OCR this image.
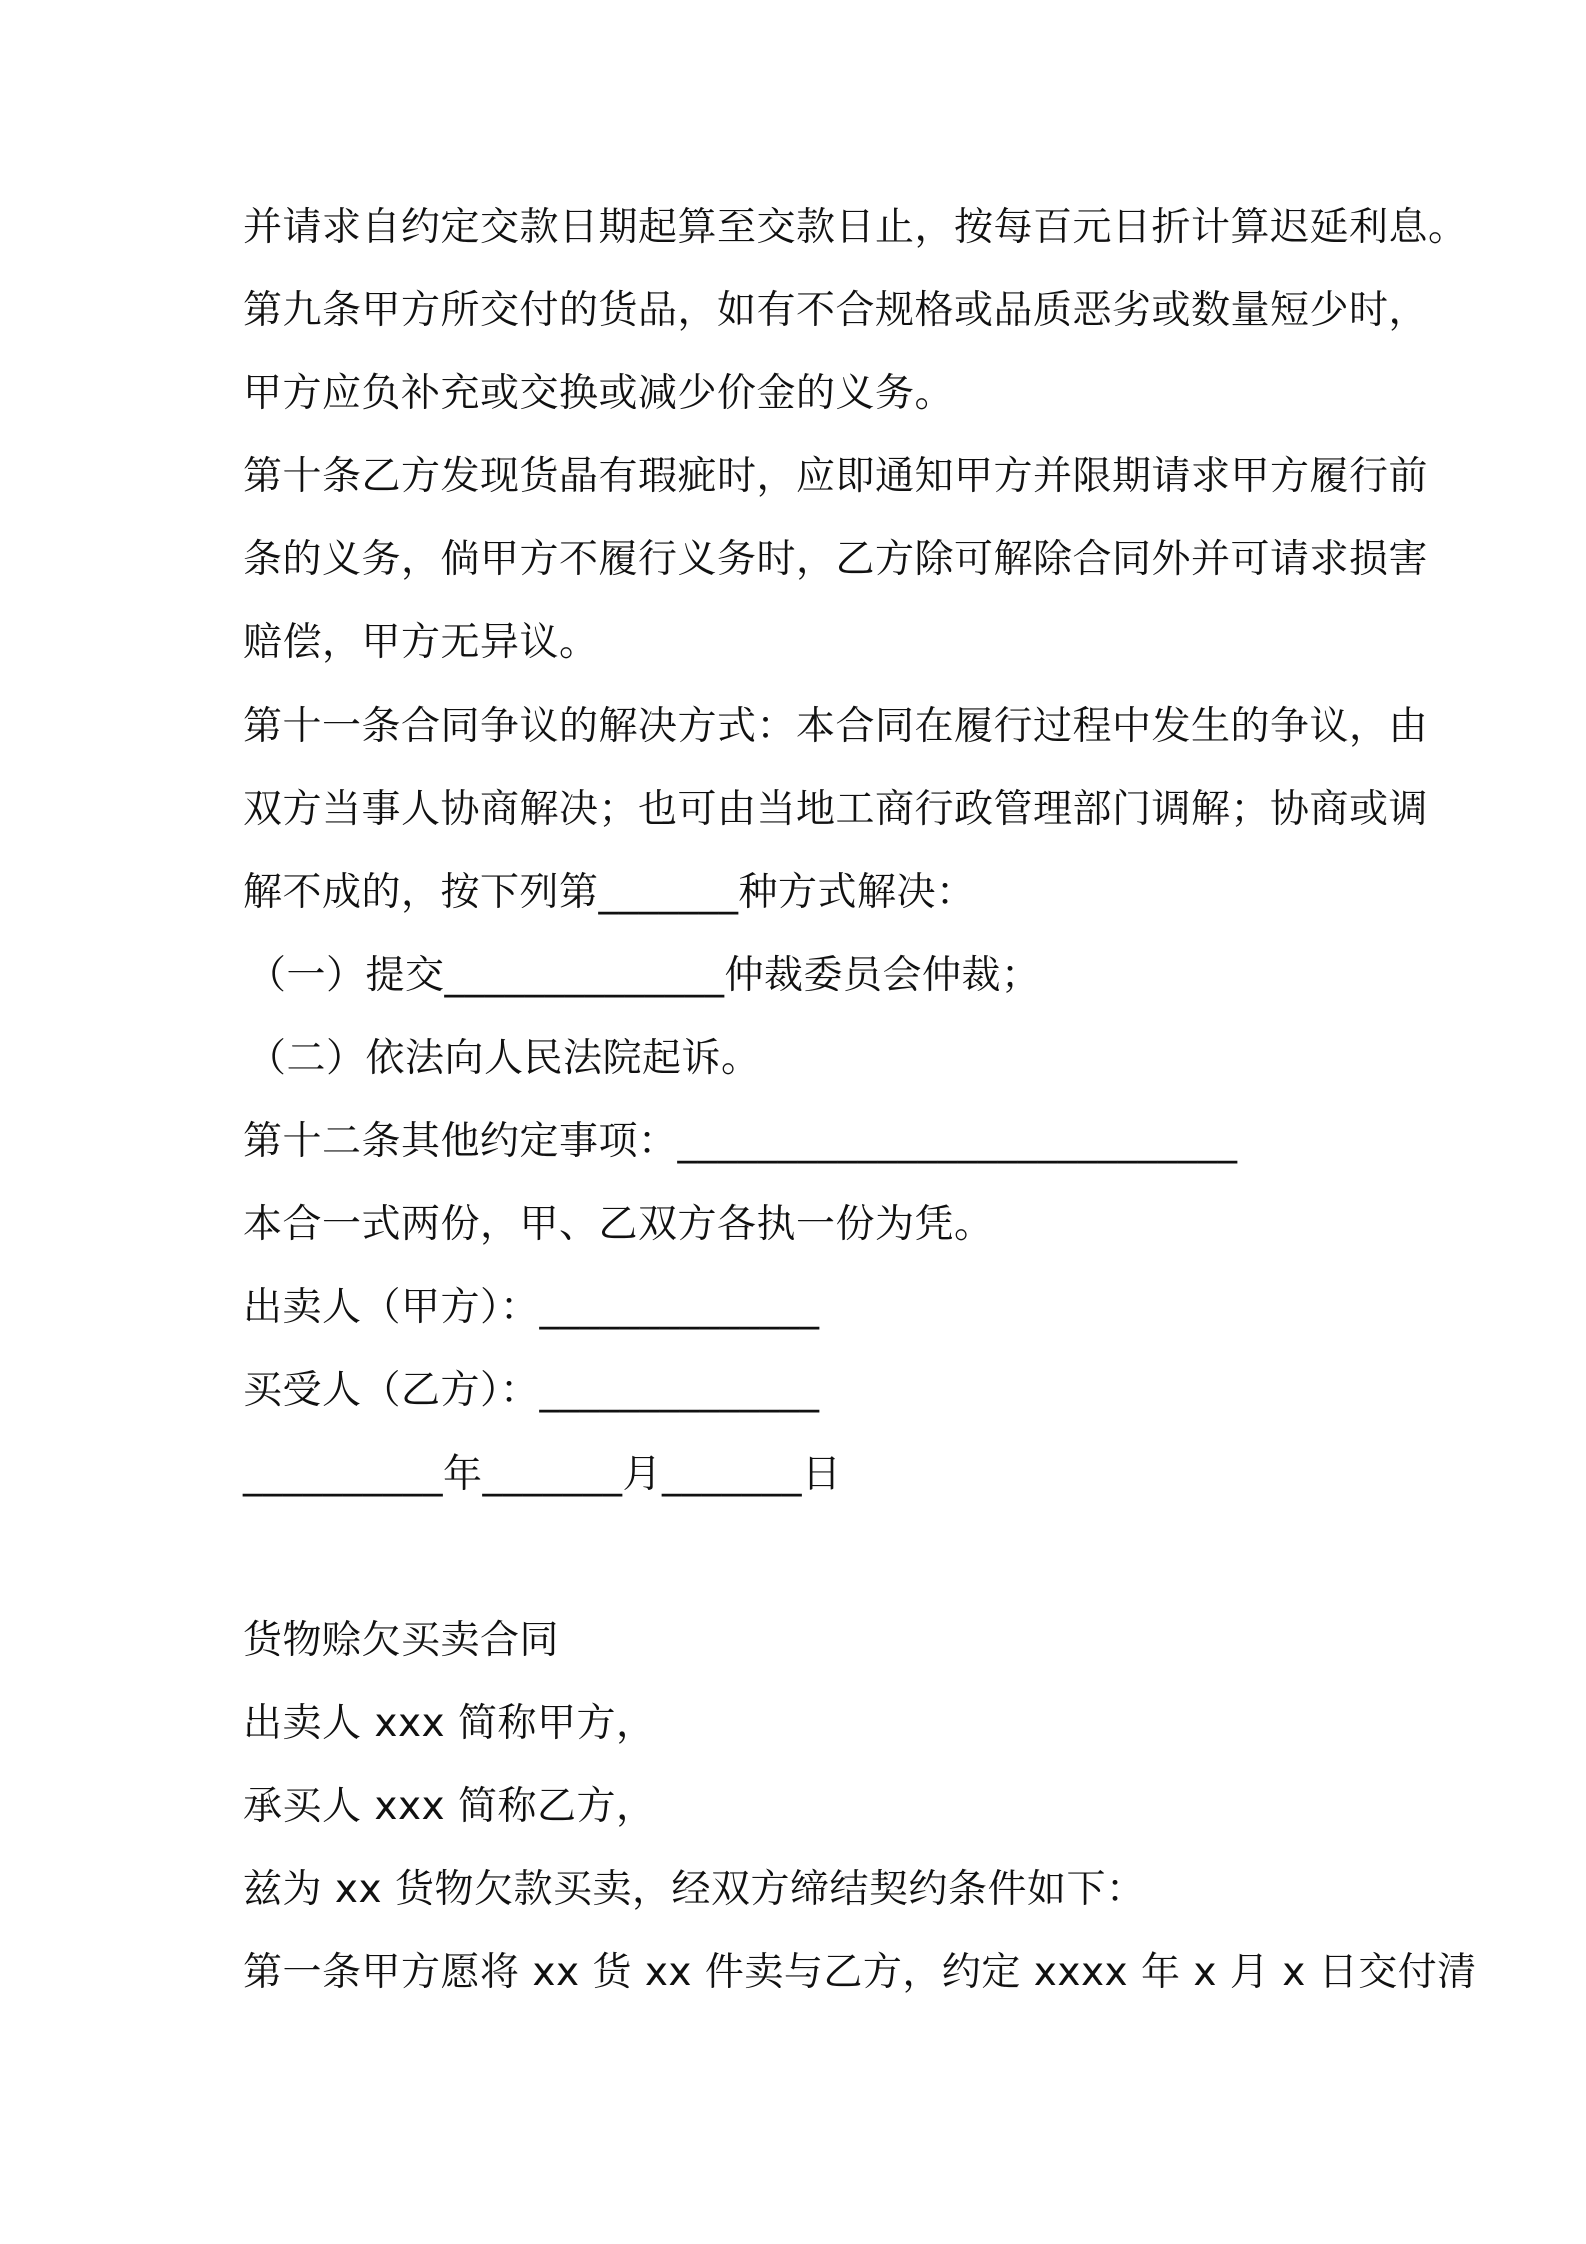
并请求自约定交款日期起算至交款日止，按每百元日折计算迟延利息。
第九条甲方所交付的货品，如有不合规格或品质恶劣或数量短少时，
甲方应负补充或交换或减少价金的义务。
第十条乙方发现货晶有瑕疵时，应即通知甲方并限期请求甲方履行前
条的义务，倘甲方不履行义务时，乙方除可解除合同外并可请求损害
赔偿，甲方无异议。
第十一条合同争议的解决方式：本合同在履行过程中发生的争议，由
双方当事人协商解决；也可由当地工商行政管理部门调解；协商或调
解不成的，按下列第_______种方式解决：
（一）提交______________仲裁委员会仲裁；
（二）依法向人民法院起诉。
第十二条其他约定事项：____________________________
本合一式两份，甲、乙双方各执一份为凭。
出卖人（甲方）：______________
买受人（乙方）：______________
__________年_______月_______日
货物赊欠买卖合同
出卖人 xxx 简称甲方，
承买人 xxx 简称乙方，
兹为 xx 货物欠款买卖，经双方缔结契约条件如下：
第一条甲方愿将 xx 货 xx 件卖与乙方，约定 xxxx 年 x 月 x 日交付清
